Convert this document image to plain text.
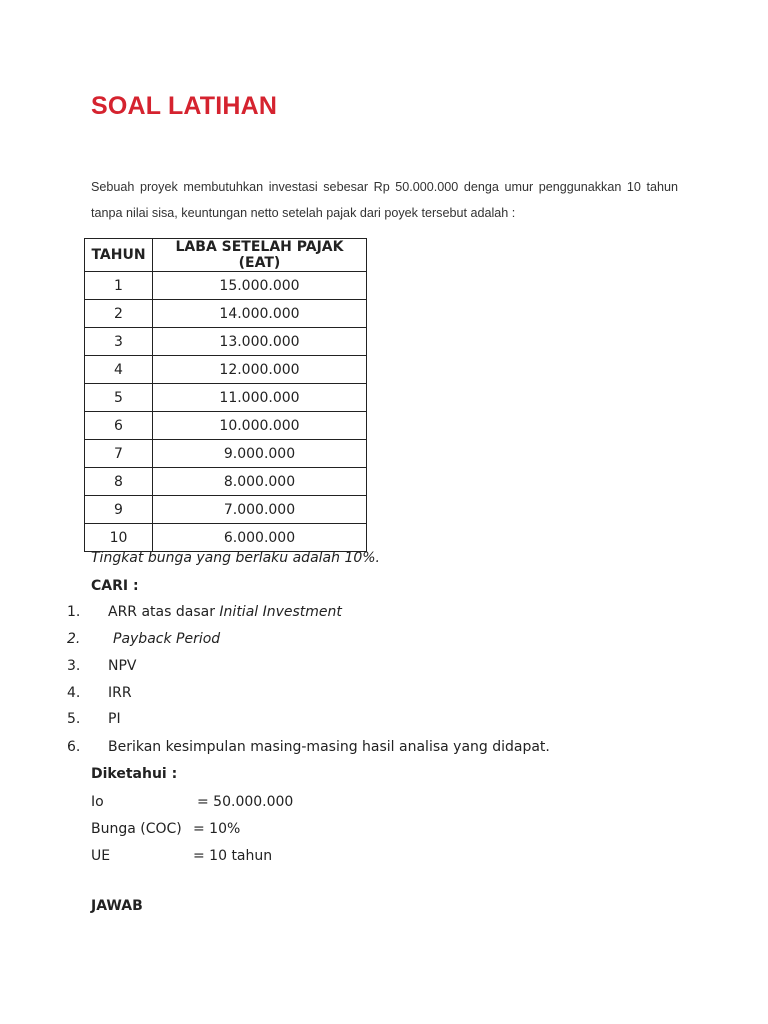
SOAL LATIHAN

Sebuah proyek membutuhkan investasi sebesar Rp 50.000.000 denga umur penggunakkan 10 tahun tanpa nilai sisa, keuntungan netto setelah pajak dari poyek tersebut adalah :

TAHUN	LABA SETELAH PAJAK (EAT)
1	15.000.000
2	14.000.000
3	13.000.000
4	12.000.000
5	11.000.000
6	10.000.000
7	9.000.000
8	8.000.000
9	7.000.000
10	6.000.000
Tingkat bunga yang berlaku adalah 10%.
CARI :
1. ARR atas dasar Initial Investment
2. Payback Period
3. NPV
4. IRR
5. PI
6. Berikan kesimpulan masing-masing hasil analisa yang didapat.
Diketahui :
Io	= 50.000.000
Bunga (COC) = 10%
UE	= 10 tahun
JAWAB
